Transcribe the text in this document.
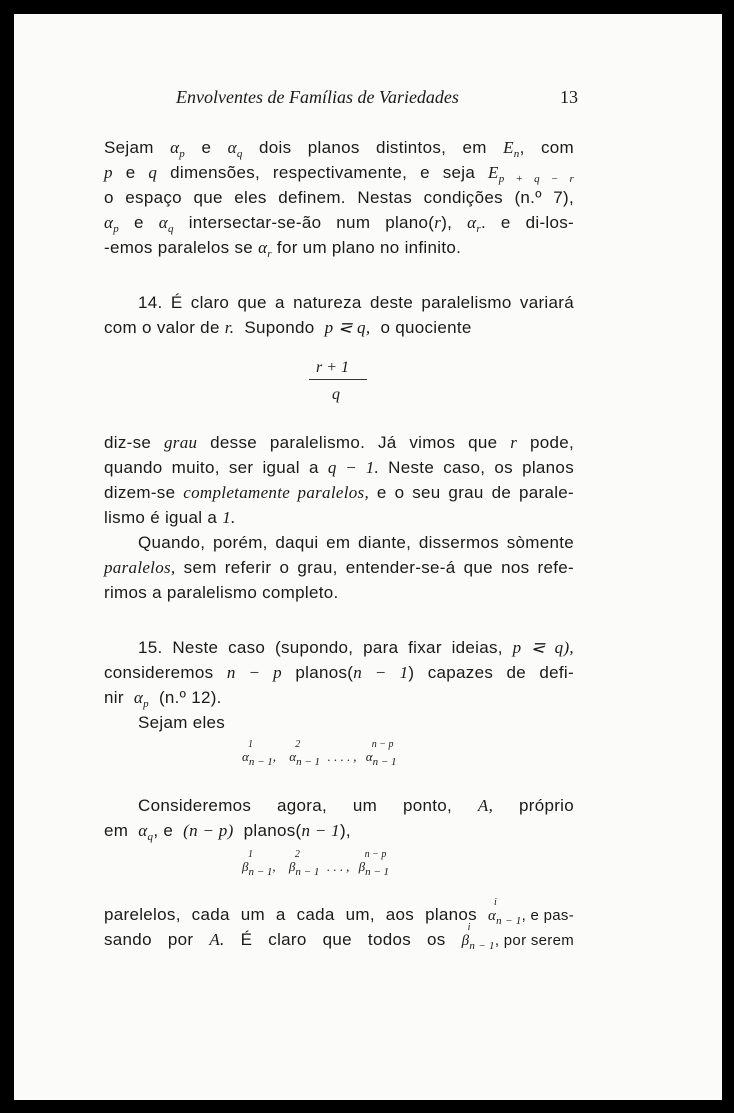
Envolventes de Famílias de Variedades	13
Sejam $\alpha_p$ e $\alpha_q$ dois planos distintos, em $E_n$, com
p e q dimensões, respectivamente, e seja $E_{p + q - r}$
o espaço que eles definem. Nestas condições (n.º 7),
$\alpha_p$ e $\alpha_q$ intersectar-se-ão num plano(r), $\alpha_r$. e di-los-
-emos paralelos se $\alpha_r$ for um plano no infinito.
14. É claro que a natureza deste paralelismo variará
com o valor de r. Supondo p ⋜ q, o quociente
r + 1
q
diz-se grau desse paralelismo. Já vimos que r pode,
quando muito, ser igual a q − 1. Neste caso, os planos
dizem-se completamente paralelos, e o seu grau de parale-
lismo é igual a 1.
Quando, porém, daqui em diante, dissermos sòmente
paralelos, sem referir o grau, entender-se-á que nos refe-
rimos a paralelismo completo.
15. Neste caso (supondo, para fixar ideias, p ⋜ q),
consideremos n − p planos(n − 1) capazes de defi-
nir $\alpha_p$ (n.º 12).
Sejam eles
α
1
$_{n - 1}$, α
2
$_{n - 1}$ . . . . , α
n − p
$_{n - 1}$
Consideremos agora, um ponto, A, próprio
em $\alpha_q$, e (n − p) planos(n − 1),
β
1
$_{n - 1}$, β
2
$_{n - 1}$ . . . , β
n − p
$_{n - 1}$
parelelos, cada um a cada um, aos planos α
i
$_{n - 1}$, e pas-
sando por A. É claro que todos os β
i
$_{n - 1}$, por serem
